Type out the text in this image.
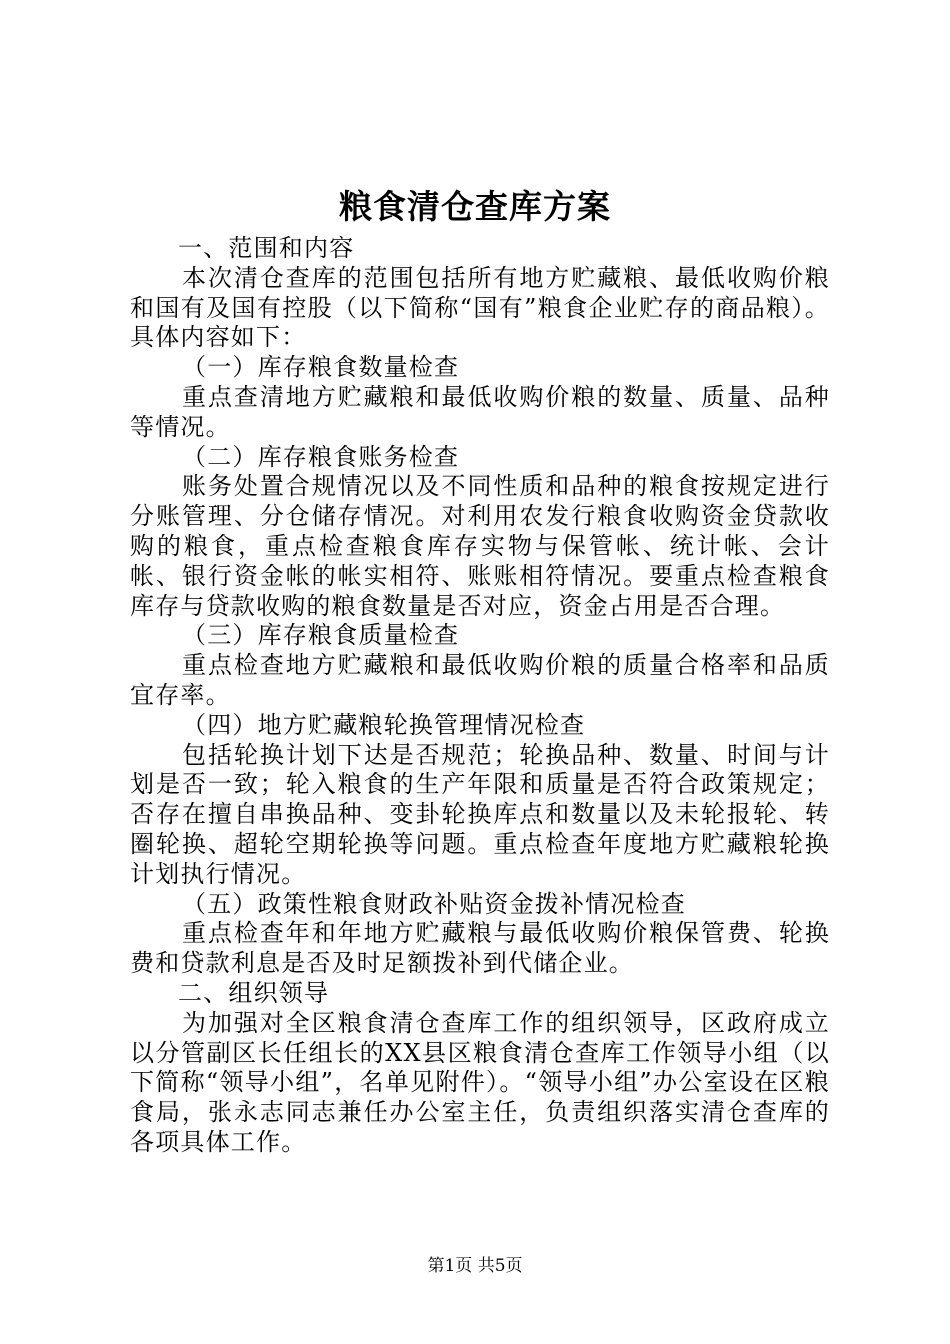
粮食清仓查库方案

一、范围和内容

本次清仓查库的范围包括所有地方贮藏粮、最低收购价粮和国有及国有控股（以下简称“国有”粮食企业贮存的商品粮）。具体内容如下：

（一）库存粮食数量检查

重点查清地方贮藏粮和最低收购价粮的数量、质量、品种等情况。

（二）库存粮食账务检查

账务处置合规情况以及不同性质和品种的粮食按规定进行分账管理、分仓储存情况。对利用农发行粮食收购资金贷款收购的粮食，重点检查粮食库存实物与保管帐、统计帐、会计帐、银行资金帐的帐实相符、账账相符情况。要重点检查粮食库存与贷款收购的粮食数量是否对应，资金占用是否合理。

（三）库存粮食质量检查

重点检查地方贮藏粮和最低收购价粮的质量合格率和品质宜存率。

（四）地方贮藏粮轮换管理情况检查

包括轮换计划下达是否规范；轮换品种、数量、时间与计划是否一致；轮入粮食的生产年限和质量是否符合政策规定；否存在擅自串换品种、变卦轮换库点和数量以及未轮报轮、转圈轮换、超轮空期轮换等问题。重点检查年度地方贮藏粮轮换计划执行情况。

（五）政策性粮食财政补贴资金拨补情况检查

重点检查年和年地方贮藏粮与最低收购价粮保管费、轮换费和贷款利息是否及时足额拨补到代储企业。

二、组织领导

为加强对全区粮食清仓查库工作的组织领导，区政府成立以分管副区长任组长的XX县区粮食清仓查库工作领导小组（以下简称“领导小组”，名单见附件）。“领导小组”办公室设在区粮食局，张永志同志兼任办公室主任，负责组织落实清仓查库的各项具体工作。

第1页 共5页
